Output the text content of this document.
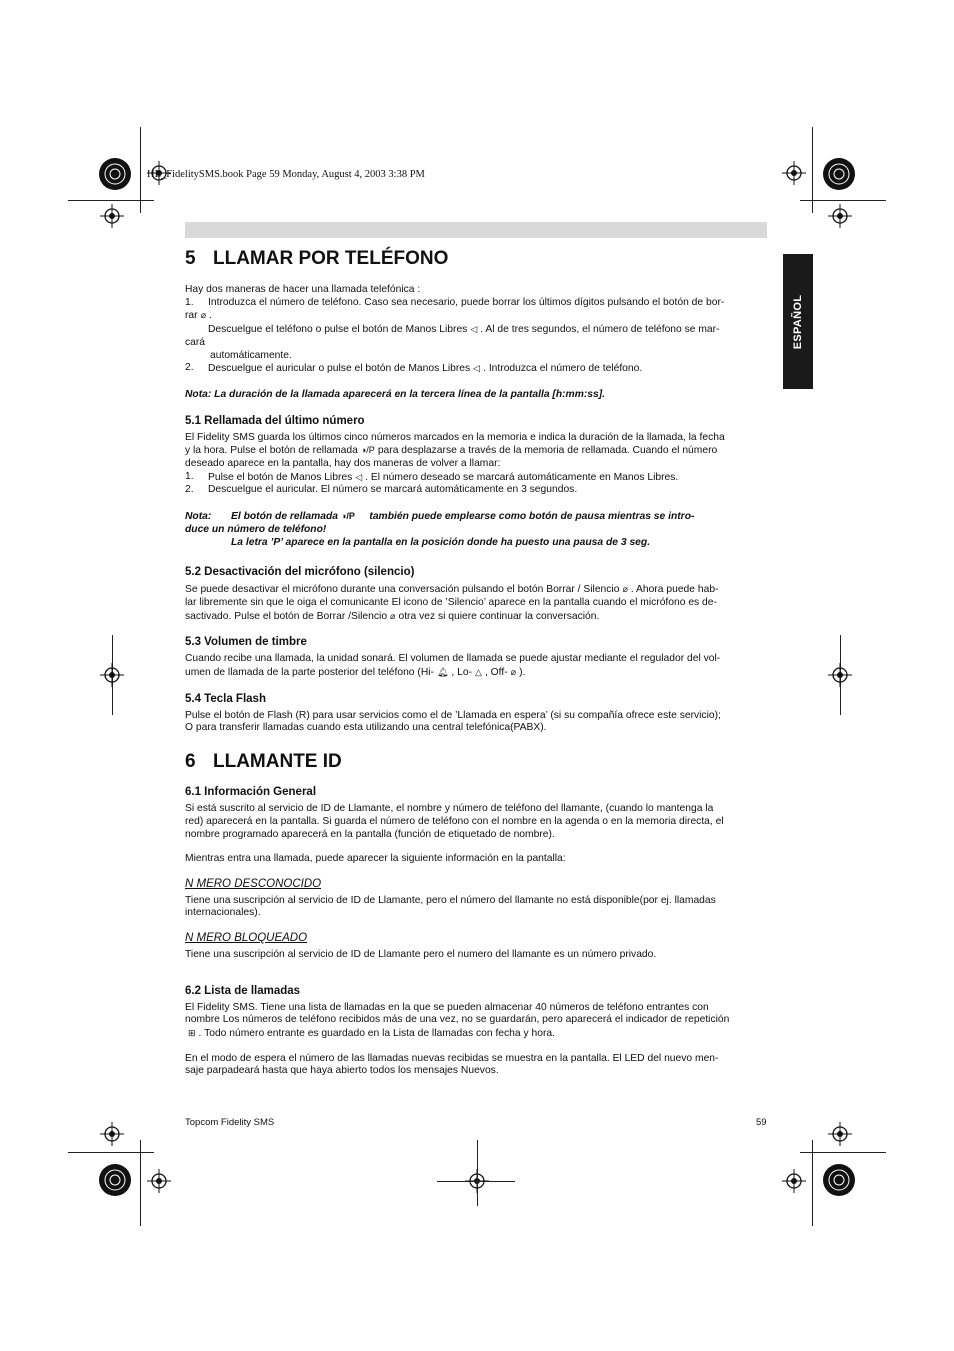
HL_FidelitySMS.book Page 59 Monday, August 4, 2003 3:38 PM
ESPAÑOL
5 LLAMAR POR TELÉFONO

Hay dos maneras de hacer una llamada telefónica :

1.	Introduzca el número de teléfono. Caso sea necesario, puede borrar los últimos dígitos pulsando el botón de bor-

rar ⌀ .

Descuelgue el teléfono o pulse el botón de Manos Libres ◁ . Al de tres segundos, el número de teléfono se mar-

cará

automáticamente.

2.	Descuelgue el auricular o pulse el botón de Manos Libres ◁ . Introduzca el número de teléfono.

Nota: La duración de la llamada aparecerá en la tercera línea de la pantalla [h:mm:ss].

5.1 Rellamada del último número

El Fidelity SMS guarda los últimos cinco números marcados en la memoria e indica la duración de la llamada, la fecha

y la hora. Pulse el botón de rellamada ◑/P para desplazarse a través de la memoria de rellamada. Cuando el número

deseado aparece en la pantalla, hay dos maneras de volver a llamar:

1.	Pulse el botón de Manos Libres ◁ . El número deseado se marcará automáticamente en Manos Libres.
2.	Descuelgue el auricular. El número se marcará automáticamente en 3 segundos.

Nota: El botón de rellamada ◑/P también puede emplearse como botón de pausa mientras se intro-

duce un número de teléfono!

La letra ’P’ aparece en la pantalla en la posición donde ha puesto una pausa de 3 seg.

5.2 Desactivación del micrófono (silencio)

Se puede desactivar el micrófono durante una conversación pulsando el botón Borrar / Silencio ⌀ . Ahora puede hab-

lar libremente sin que le oiga el comunicante El icono de ’Silencio’ aparece en la pantalla cuando el micrófono es de-

sactivado. Pulse el botón de Borrar /Silencio ⌀ otra vez si quiere continuar la conversación.

5.3 Volumen de timbre

Cuando recibe una llamada, la unidad sonará. El volumen de llamada se puede ajustar mediante el regulador del vol-

umen de llamada de la parte posterior del teléfono (Hi- 🔔︎ , Lo- △ , Off- ⌀ ).

5.4 Tecla Flash

Pulse el botón de Flash (R) para usar servicios como el de ’Llamada en espera’ (si su compañía ofrece este servicio);

O para transferir llamadas cuando esta utilizando una central telefónica(PABX).

6 LLAMANTE ID
6.1 Información General

Si está suscrito al servicio de ID de Llamante, el nombre y número de teléfono del llamante, (cuando lo mantenga la

red) aparecerá en la pantalla. Si guarda el número de teléfono con el nombre en la agenda o en la memoria directa, el

nombre programado aparecerá en la pantalla (función de etiquetado de nombre).

Mientras entra una llamada, puede aparecer la siguiente información en la pantalla:

N MERO DESCONOCIDO

Tiene una suscripción al servicio de ID de Llamante, pero el número del llamante no está disponible(por ej. llamadas

internacionales).

N MERO BLOQUEADO

Tiene una suscripción al servicio de ID de Llamante pero el numero del llamante es un número privado.

6.2 Lista de llamadas

El Fidelity SMS. Tiene una lista de llamadas en la que se pueden almacenar 40 números de teléfono entrantes con

nombre Los números de teléfono recibidos más de una vez, no se guardarán, pero aparecerá el indicador de repetición

⊞ . Todo número entrante es guardado en la Lista de llamadas con fecha y hora.

En el modo de espera el número de las llamadas nuevas recibidas se muestra en la pantalla. El LED del nuevo men-

saje parpadeará hasta que haya abierto todos los mensajes Nuevos.

Topcom Fidelity SMS	59
